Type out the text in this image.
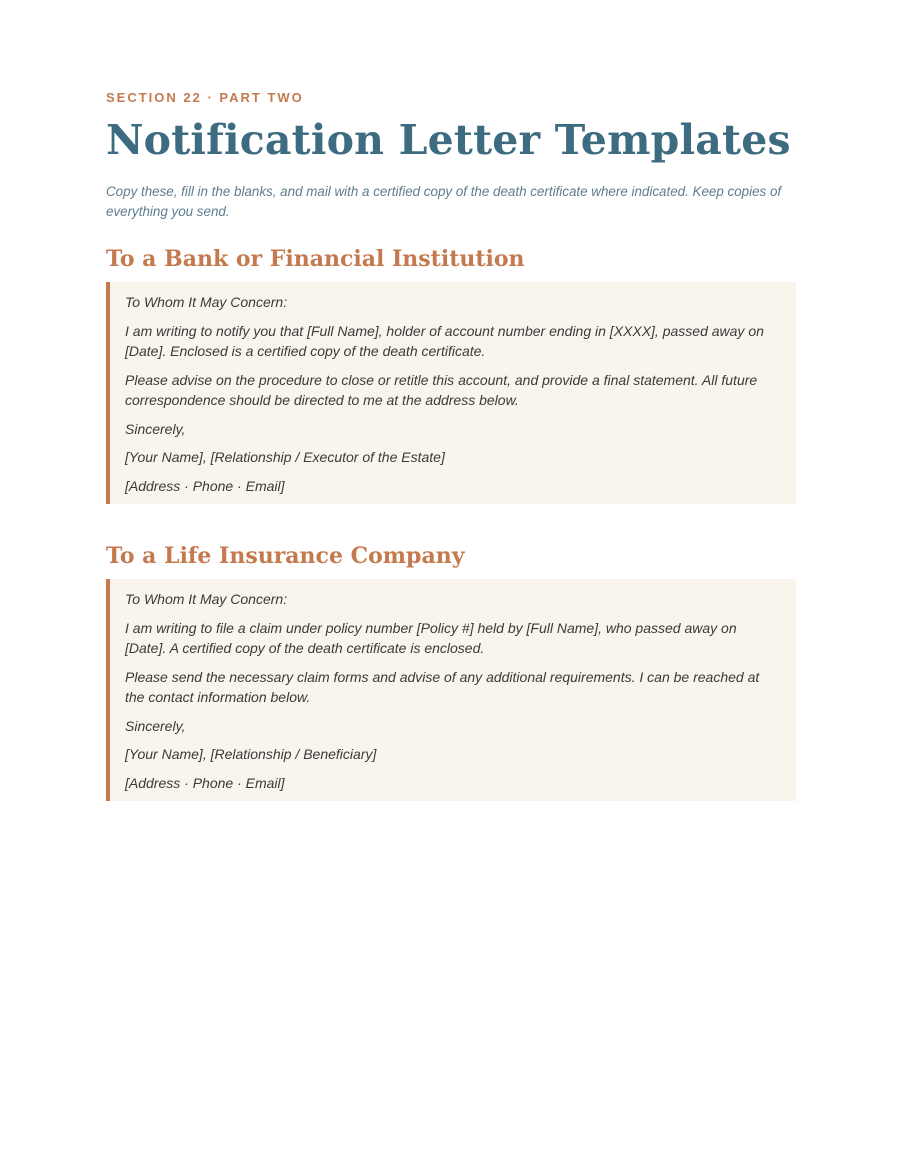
SECTION 22 · PART TWO

Notification Letter Templates

Copy these, fill in the blanks, and mail with a certified copy of the death certificate where indicated. Keep copies of everything you send.

To a Bank or Financial Institution

To Whom It May Concern:

I am writing to notify you that [Full Name], holder of account number ending in [XXXX], passed away on [Date]. Enclosed is a certified copy of the death certificate.

Please advise on the procedure to close or retitle this account, and provide a final statement. All future correspondence should be directed to me at the address below.

Sincerely,

[Your Name], [Relationship / Executor of the Estate]

[Address · Phone · Email]

To a Life Insurance Company

To Whom It May Concern:

I am writing to file a claim under policy number [Policy #] held by [Full Name], who passed away on [Date]. A certified copy of the death certificate is enclosed.

Please send the necessary claim forms and advise of any additional requirements. I can be reached at the contact information below.

Sincerely,

[Your Name], [Relationship / Beneficiary]

[Address · Phone · Email]
